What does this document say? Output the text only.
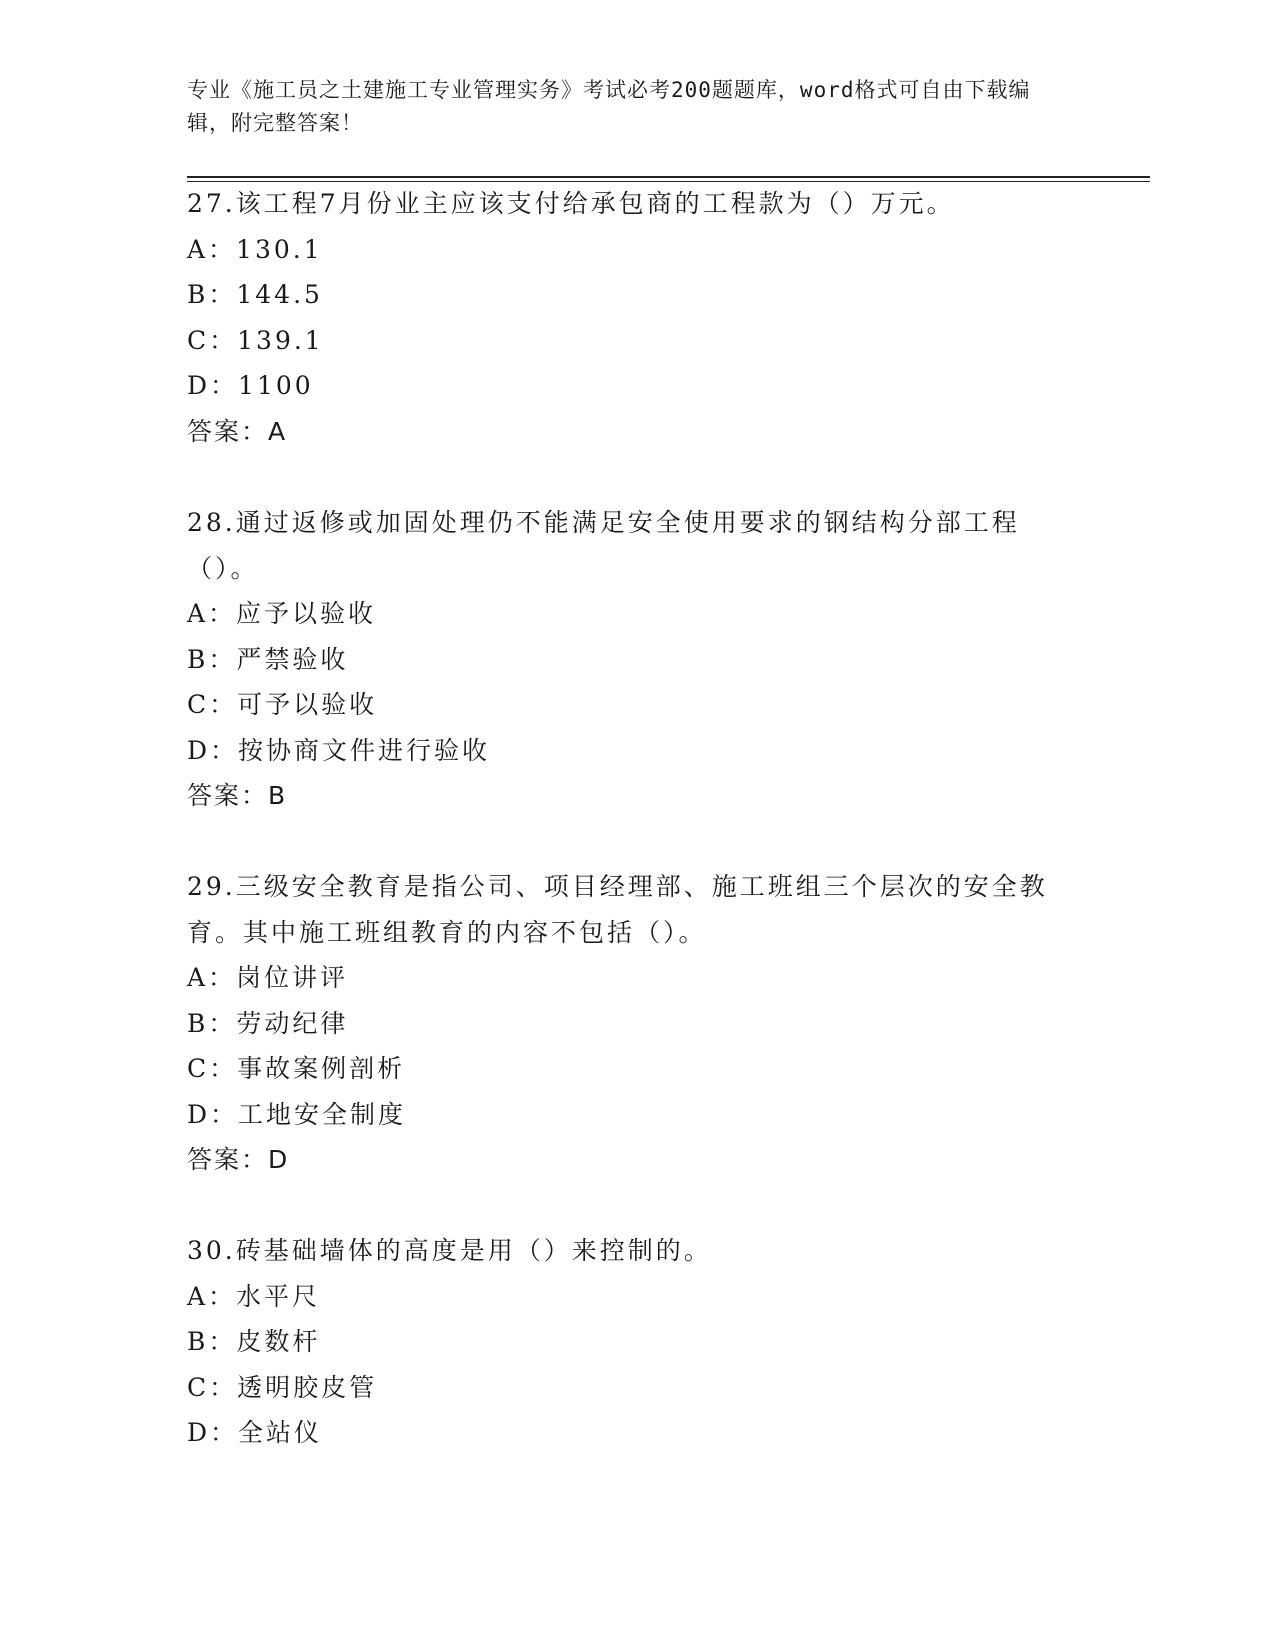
专业《施工员之土建施工专业管理实务》考试必考200题题库，word格式可自由下载编辑，附完整答案！
27.该工程7月份业主应该支付给承包商的工程款为（）万元。
A：130.1
B：144.5
C：139.1
D：1100
答案：A
28.通过返修或加固处理仍不能满足安全使用要求的钢结构分部工程（）。
A：应予以验收
B：严禁验收
C：可予以验收
D：按协商文件进行验收
答案：B
29.三级安全教育是指公司、项目经理部、施工班组三个层次的安全教育。其中施工班组教育的内容不包括（）。
A：岗位讲评
B：劳动纪律
C：事故案例剖析
D：工地安全制度
答案：D
30.砖基础墙体的高度是用（）来控制的。
A：水平尺
B：皮数杆
C：透明胶皮管
D：全站仪
